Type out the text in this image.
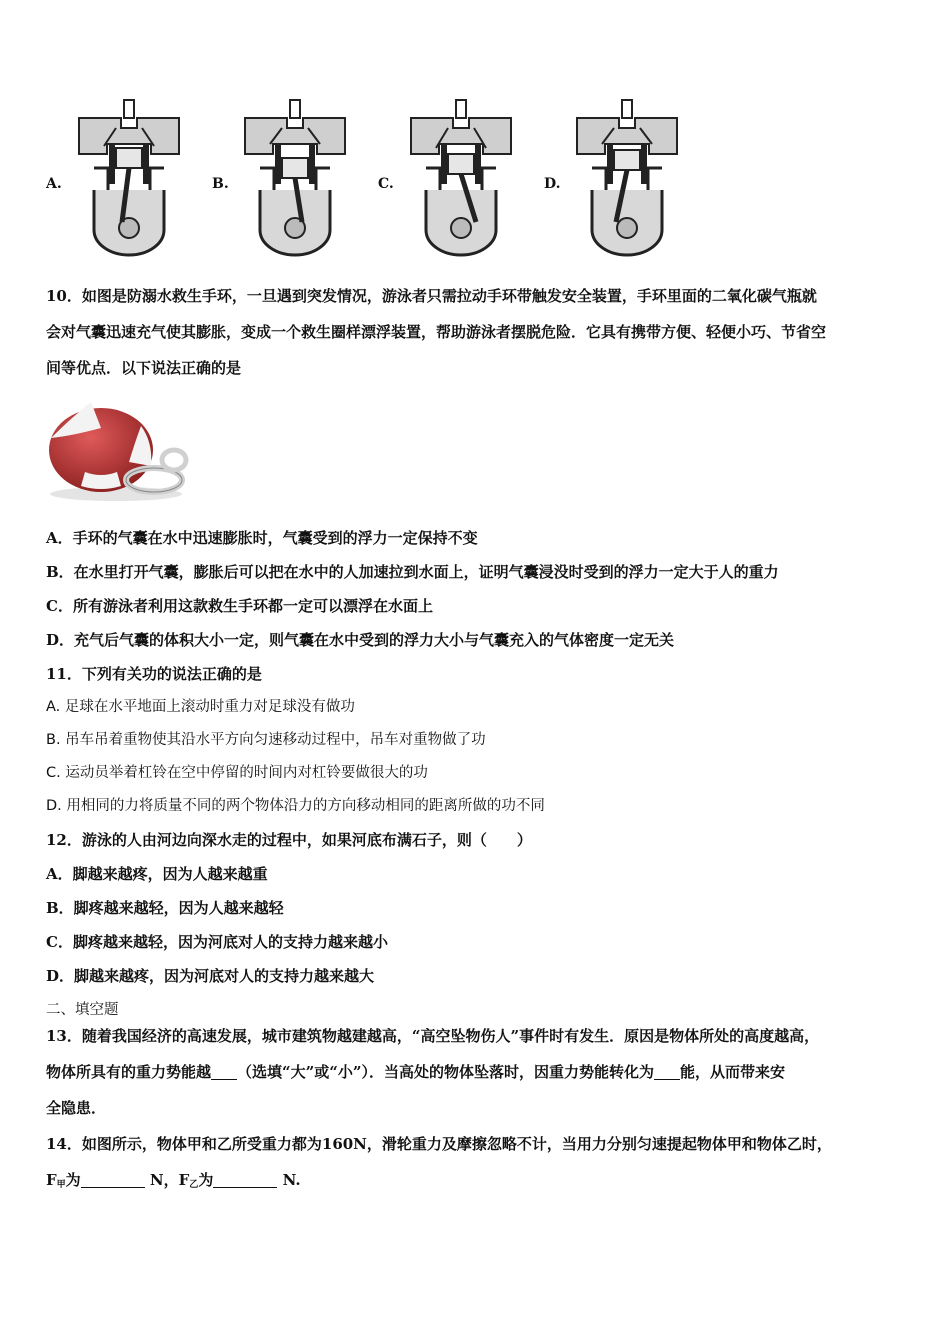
A.	B.	C.	D.
10．如图是防溺水救生手环，一旦遇到突发情况，游泳者只需拉动手环带触发安全装置，手环里面的二氧化碳气瓶就
会对气囊迅速充气使其膨胀，变成一个救生圈样漂浮装置，帮助游泳者摆脱危险．它具有携带方便、轻便小巧、节省空
间等优点．以下说法正确的是
A．手环的气囊在水中迅速膨胀时，气囊受到的浮力一定保持不变
B．在水里打开气囊，膨胀后可以把在水中的人加速拉到水面上，证明气囊浸没时受到的浮力一定大于人的重力
C．所有游泳者利用这款救生手环都一定可以漂浮在水面上
D．充气后气囊的体积大小一定，则气囊在水中受到的浮力大小与气囊充入的气体密度一定无关
11．下列有关功的说法正确的是
A. 足球在水平地面上滚动时重力对足球没有做功
B. 吊车吊着重物使其沿水平方向匀速移动过程中，吊车对重物做了功
C. 运动员举着杠铃在空中停留的时间内对杠铃要做很大的功
D. 用相同的力将质量不同的两个物体沿力的方向移动相同的距离所做的功不同
12．游泳的人由河边向深水走的过程中，如果河底布满石子，则（　　）
A．脚越来越疼，因为人越来越重
B．脚疼越来越轻，因为人越来越轻
C．脚疼越来越轻，因为河底对人的支持力越来越小
D．脚越来越疼，因为河底对人的支持力越来越大
二、填空题
13．随着我国经济的高速发展，城市建筑物越建越高，“高空坠物伤人”事件时有发生．原因是物体所处的高度越高，
物体所具有的重力势能越 （选填“大”或“小”）．当高处的物体坠落时，因重力势能转化为 能，从而带来安
全隐患．
14．如图所示，物体甲和乙所受重力都为160N，滑轮重力及摩擦忽略不计，当用力分别匀速提起物体甲和物体乙时，
$F_甲$为	N，$F_乙$为	N.
